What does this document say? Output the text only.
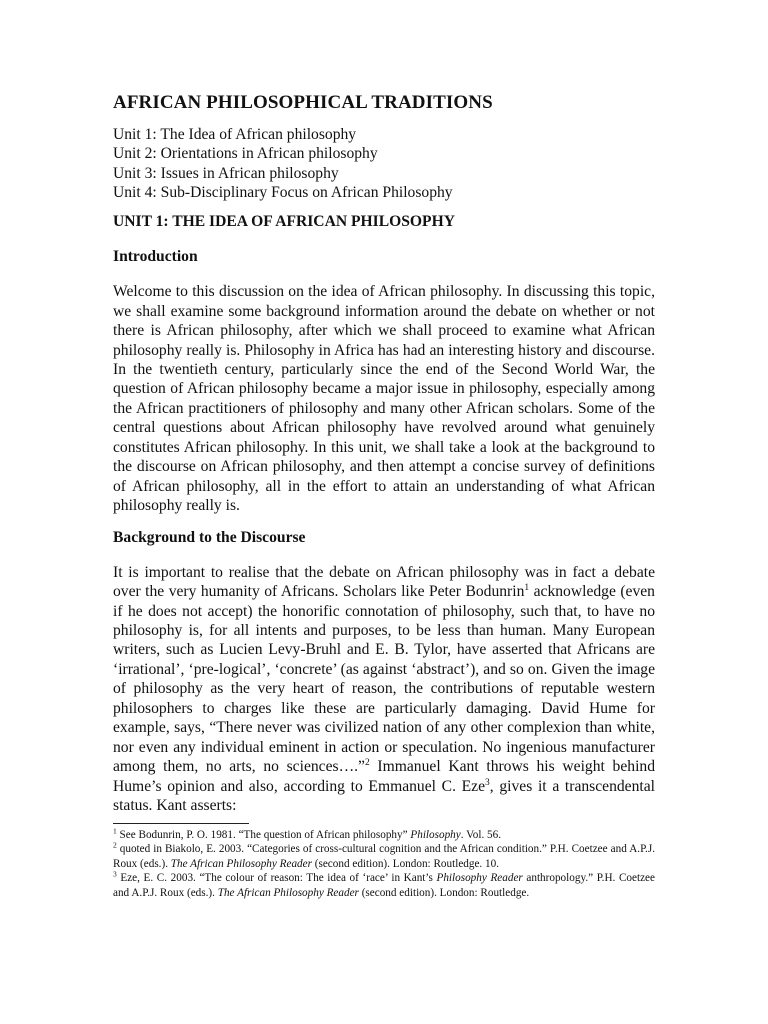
AFRICAN PHILOSOPHICAL TRADITIONS
Unit 1: The Idea of African philosophy
Unit 2: Orientations in African philosophy
Unit 3: Issues in African philosophy
Unit 4: Sub-Disciplinary Focus on African Philosophy
UNIT 1: THE IDEA OF AFRICAN PHILOSOPHY
Introduction

Welcome to this discussion on the idea of African philosophy. In discussing this topic, we shall examine some background information around the debate on whether or not there is African philosophy, after which we shall proceed to examine what African philosophy really is. Philosophy in Africa has had an interesting history and discourse. In the twentieth century, particularly since the end of the Second World War, the question of African philosophy became a major issue in philosophy, especially among the African practitioners of philosophy and many other African scholars. Some of the central questions about African philosophy have revolved around what genuinely constitutes African philosophy. In this unit, we shall take a look at the background to the discourse on African philosophy, and then attempt a concise survey of definitions of African philosophy, all in the effort to attain an understanding of what African philosophy really is.

Background to the Discourse

It is important to realise that the debate on African philosophy was in fact a debate over the very humanity of Africans. Scholars like Peter Bodunrin$^1$ acknowledge (even if he does not accept) the honorific connotation of philosophy, such that, to have no philosophy is, for all intents and purposes, to be less than human. Many European writers, such as Lucien Levy-Bruhl and E. B. Tylor, have asserted that Africans are ‘irrational’, ‘pre-logical’, ‘concrete’ (as against ‘abstract’), and so on. Given the image of philosophy as the very heart of reason, the contributions of reputable western philosophers to charges like these are particularly damaging. David Hume for example, says, “There never was civilized nation of any other complexion than white, nor even any individual eminent in action or speculation. No ingenious manufacturer among them, no arts, no sciences….”$^2$ Immanuel Kant throws his weight behind Hume’s opinion and also, according to Emmanuel C. Eze$^3$, gives it a transcendental status. Kant asserts:

$^1$ See Bodunrin, P. O. 1981. “The question of African philosophy” Philosophy. Vol. 56.

$^2$ quoted in Biakolo, E. 2003. “Categories of cross-cultural cognition and the African condition.” P.H. Coetzee and A.P.J. Roux (eds.). The African Philosophy Reader (second edition). London: Routledge. 10.

$^3$ Eze, E. C. 2003. “The colour of reason: The idea of ‘race’ in Kant’s Philosophy Reader anthropology.” P.H. Coetzee and A.P.J. Roux (eds.). The African Philosophy Reader (second edition). London: Routledge.
